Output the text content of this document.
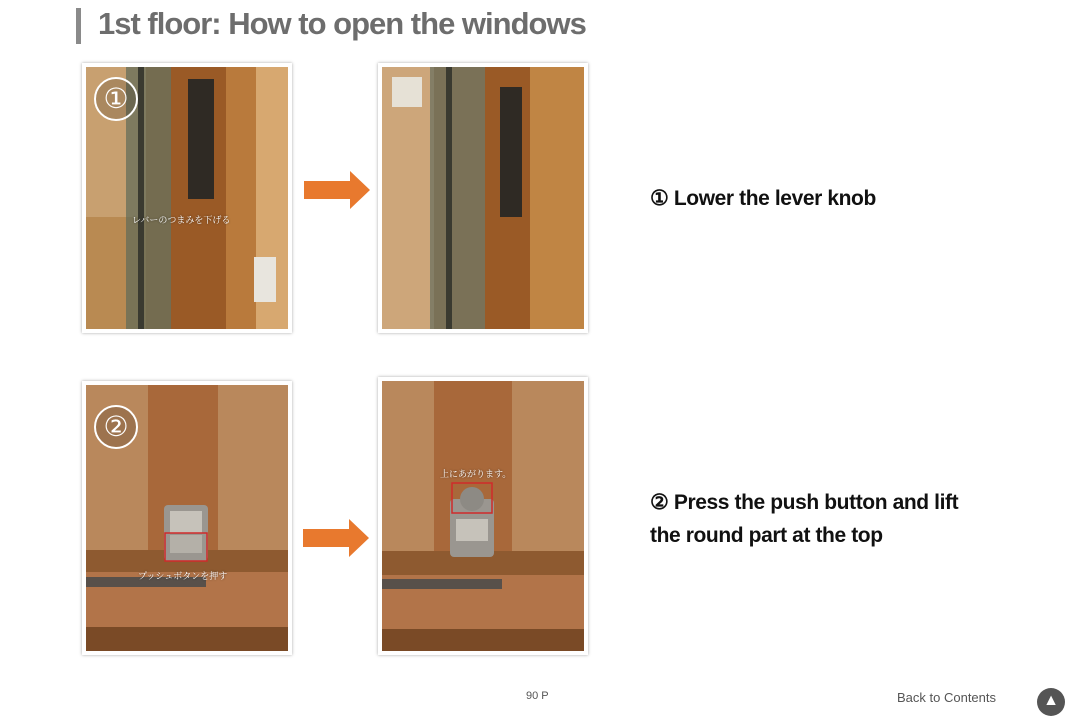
1st floor: How to open the windows
①
レバーのつまみを下げる
① Lower the lever knob
②
プッシュボタンを押す
上にあがります。
② Press the push button and lift the round part at the top
90 P	Back to Contents	▲
